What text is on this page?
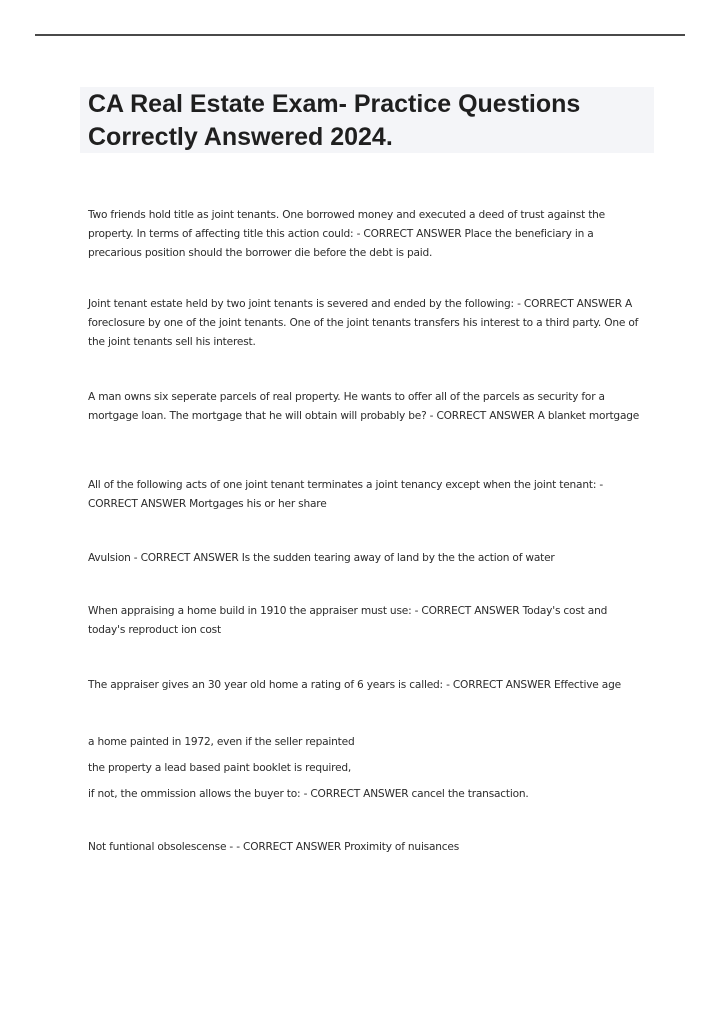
CA Real Estate Exam- Practice Questions Correctly Answered 2024.

Two friends hold title as joint tenants. One borrowed money and executed a deed of trust against the property. In terms of affecting title this action could: - CORRECT ANSWER Place the beneficiary in a precarious position should the borrower die before the debt is paid.

Joint tenant estate held by two joint tenants is severed and ended by the following: - CORRECT ANSWER A foreclosure by one of the joint tenants. One of the joint tenants transfers his interest to a third party. One of the joint tenants sell his interest.

A man owns six seperate parcels of real property. He wants to offer all of the parcels as security for a mortgage loan. The mortgage that he will obtain will probably be? - CORRECT ANSWER A blanket mortgage

All of the following acts of one joint tenant terminates a joint tenancy except when the joint tenant: - CORRECT ANSWER Mortgages his or her share

Avulsion - CORRECT ANSWER Is the sudden tearing away of land by the the action of water

When appraising a home build in 1910 the appraiser must use: - CORRECT ANSWER Today's cost and today's reproduct ion cost

The appraiser gives an 30 year old home a rating of 6 years is called: - CORRECT ANSWER Effective age

a home painted in 1972, even if the seller repainted
the property a lead based paint booklet is required,
if not, the ommission allows the buyer to: - CORRECT ANSWER cancel the transaction.

Not funtional obsolescense - - CORRECT ANSWER Proximity of nuisances
